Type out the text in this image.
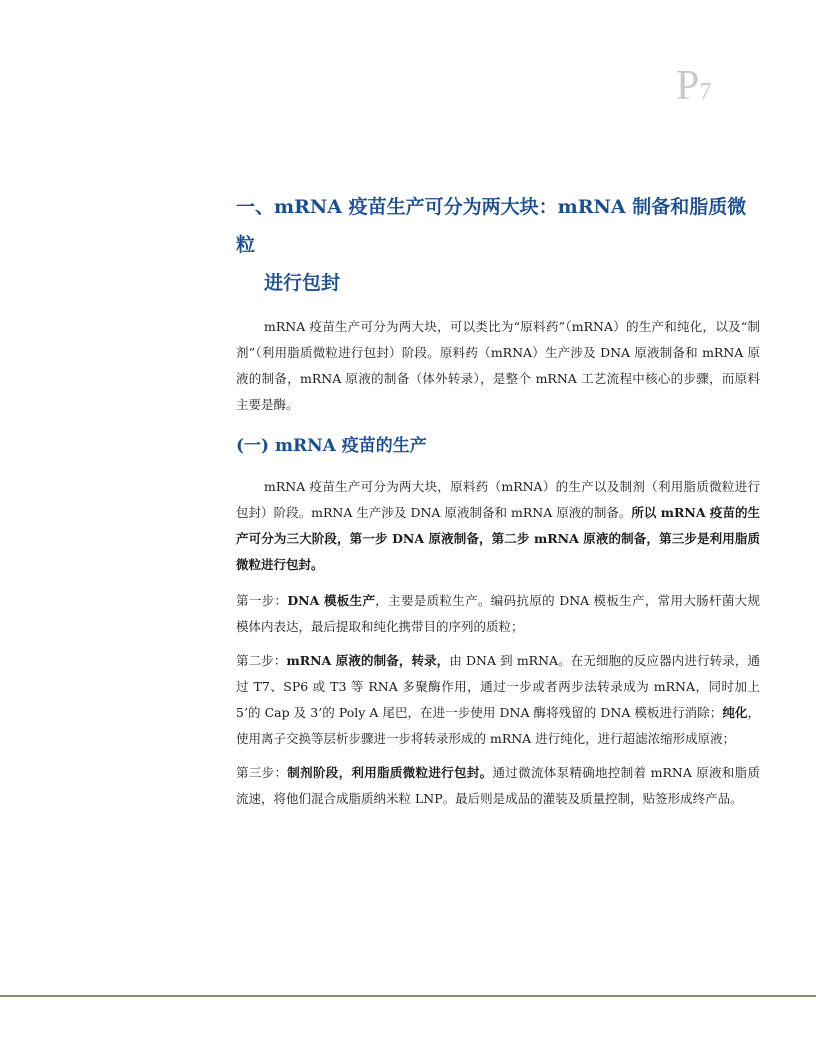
P7
一、mRNA 疫苗生产可分为两大块：mRNA 制备和脂质微粒
进行包封

mRNA 疫苗生产可分为两大块，可以类比为“原料药”（mRNA）的生产和纯化，以及“制剂”（利用脂质微粒进行包封）阶段。原料药（mRNA）生产涉及 DNA 原液制备和 mRNA 原液的制备，mRNA 原液的制备（体外转录），是整个 mRNA 工艺流程中核心的步骤，而原料主要是酶。

(一) mRNA 疫苗的生产

mRNA 疫苗生产可分为两大块，原料药（mRNA）的生产以及制剂（利用脂质微粒进行包封）阶段。mRNA 生产涉及 DNA 原液制备和 mRNA 原液的制备。所以 mRNA 疫苗的生产可分为三大阶段，第一步 DNA 原液制备，第二步 mRNA 原液的制备，第三步是利用脂质微粒进行包封。

第一步：DNA 模板生产，主要是质粒生产。编码抗原的 DNA 模板生产，常用大肠杆菌大规模体内表达，最后提取和纯化携带目的序列的质粒；

第二步：mRNA 原液的制备，转录，由 DNA 到 mRNA。在无细胞的反应器内进行转录，通过 T7、SP6 或 T3 等 RNA 多聚酶作用，通过一步或者两步法转录成为 mRNA，同时加上 5’的 Cap 及 3’的 Poly A 尾巴，在进一步使用 DNA 酶将残留的 DNA 模板进行消除；纯化，使用离子交换等层析步骤进一步将转录形成的 mRNA 进行纯化，进行超滤浓缩形成原液；

第三步：制剂阶段，利用脂质微粒进行包封。通过微流体泵精确地控制着 mRNA 原液和脂质流速，将他们混合成脂质纳米粒 LNP。最后则是成品的灌装及质量控制，贴签形成终产品。
